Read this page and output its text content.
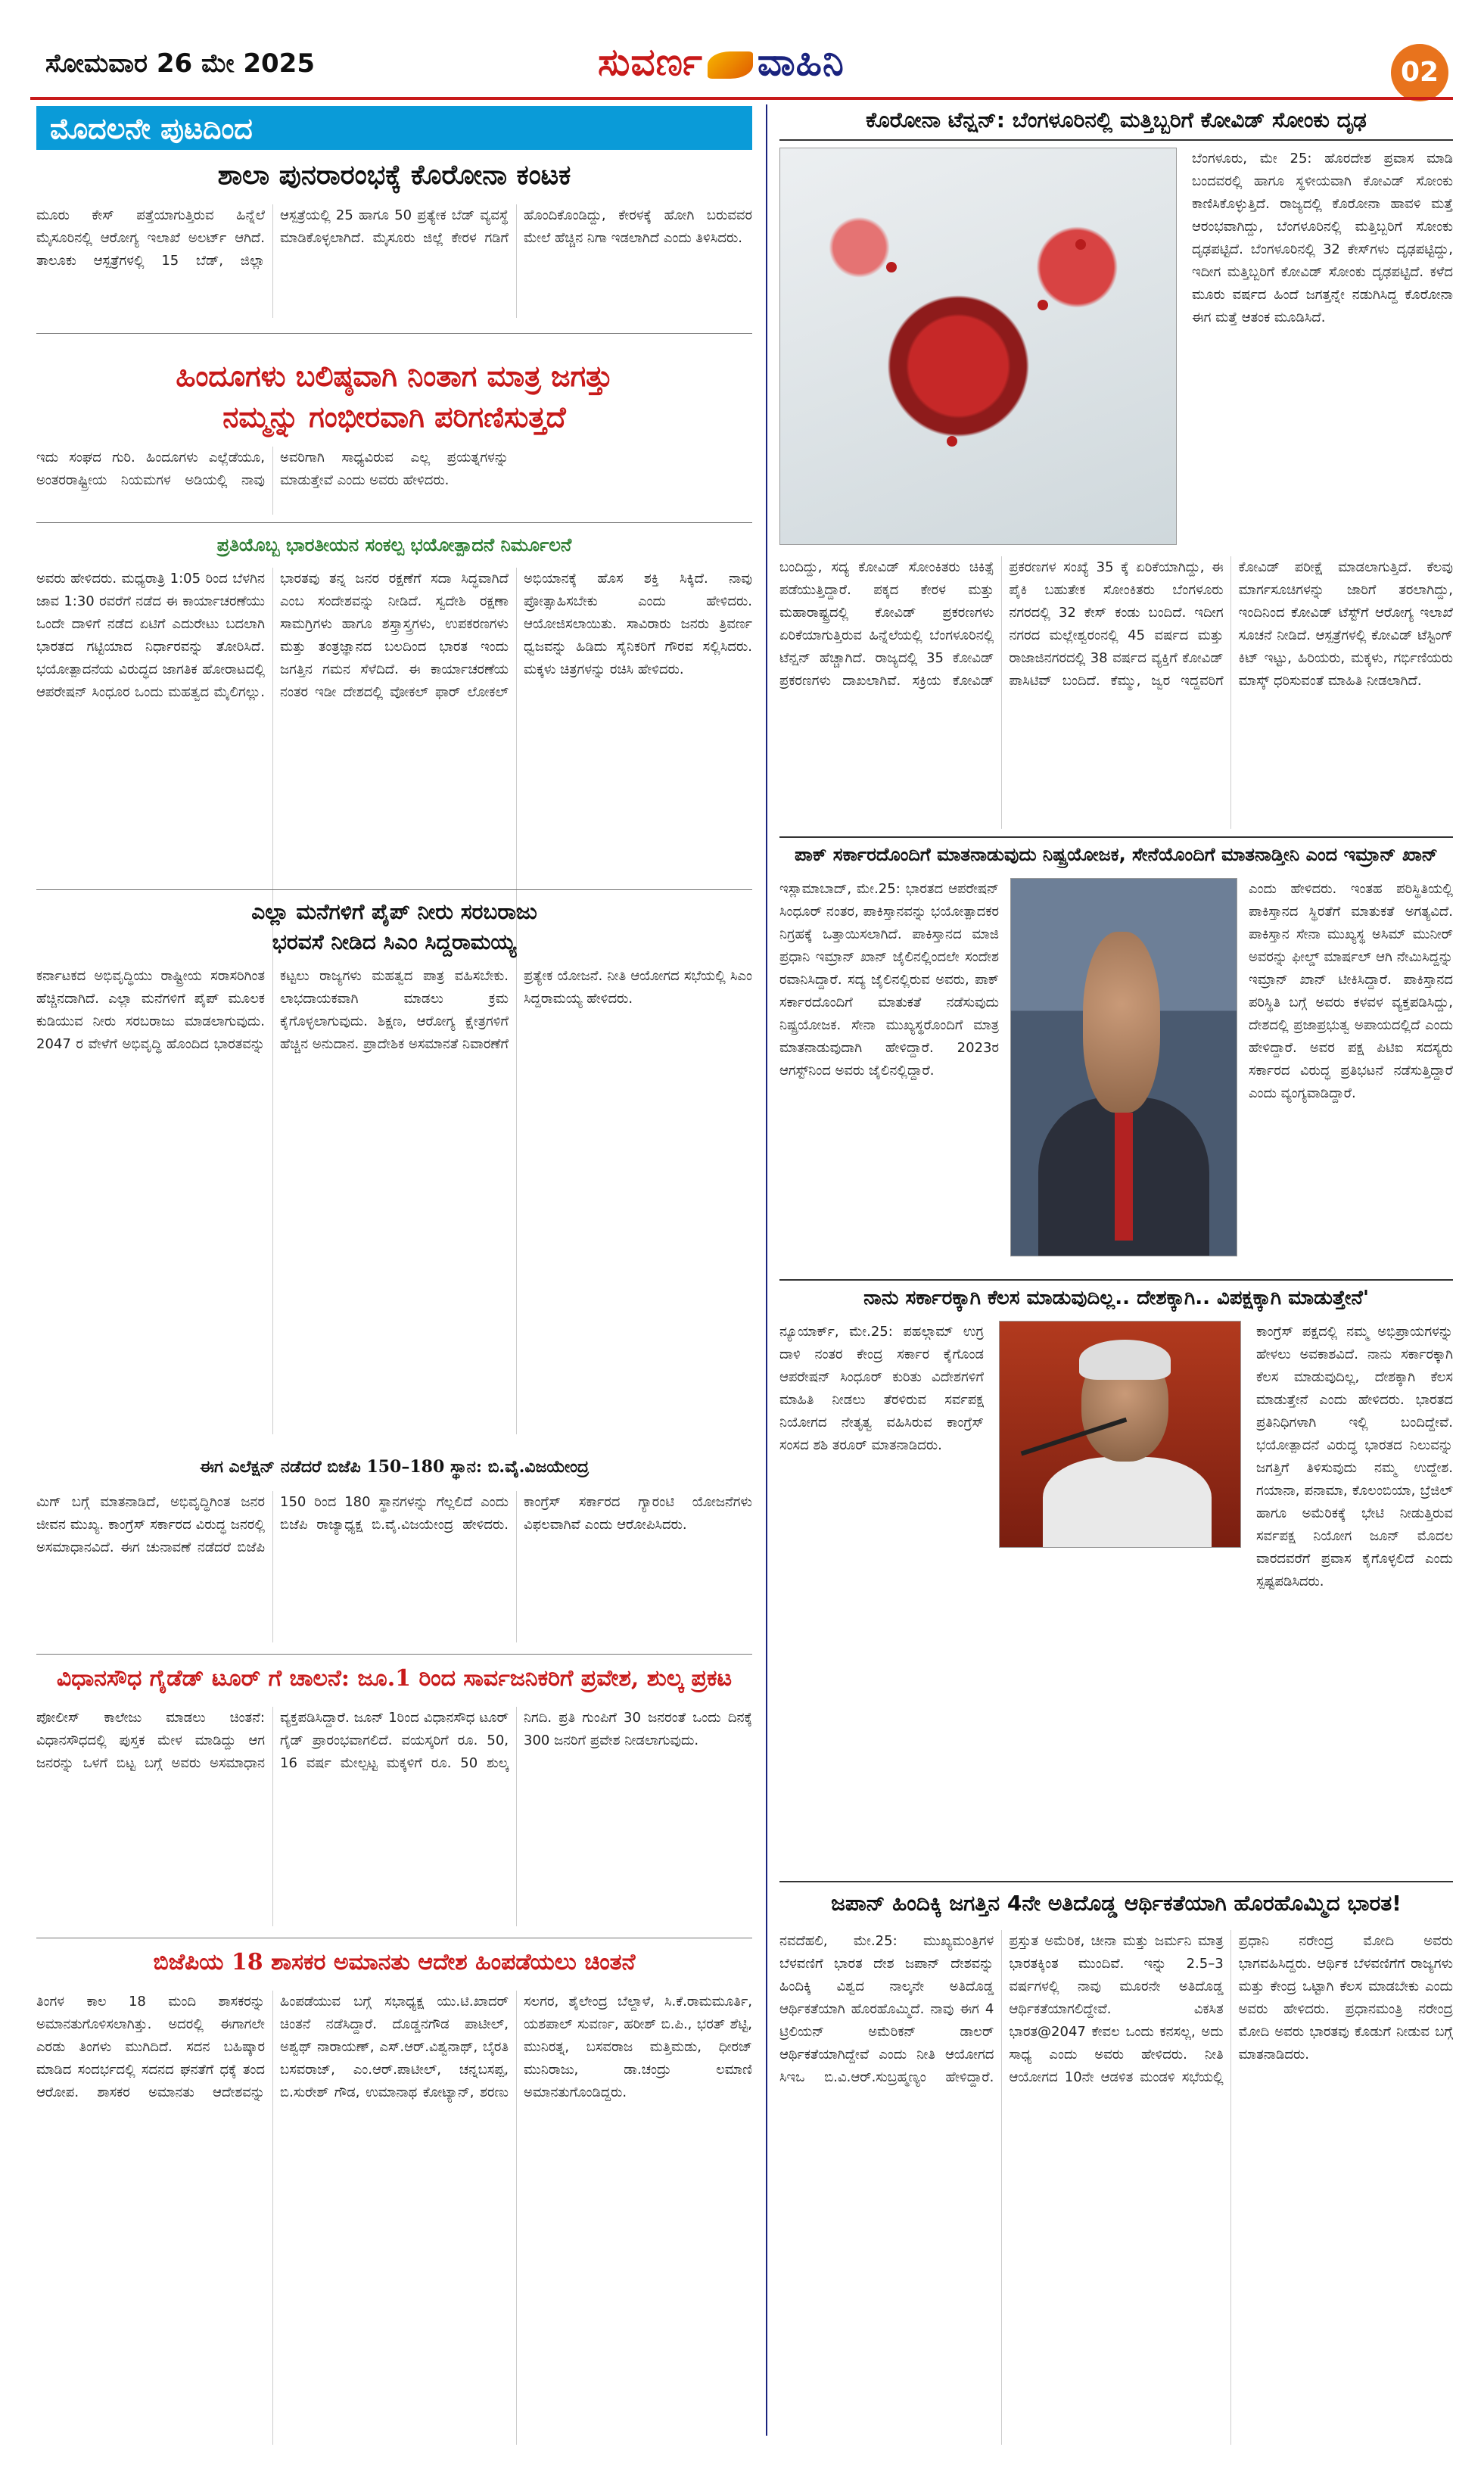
ಸೋಮವಾರ 26 ಮೇ 2025	ಸುವರ್ಣ ವಾಹಿನಿ	02
ಮೊದಲನೇ ಪುಟದಿಂದ
ಶಾಲಾ ಪುನರಾರಂಭಕ್ಕೆ ಕೊರೋನಾ ಕಂಟಕ
ಮೂರು ಕೇಸ್ ಪತ್ತೆಯಾಗುತ್ತಿರುವ ಹಿನ್ನೆಲೆ ಮೈಸೂರಿನಲ್ಲಿ ಆರೋಗ್ಯ ಇಲಾಖೆ ಅಲರ್ಟ್ ಆಗಿದೆ. ತಾಲೂಕು ಆಸ್ಪತ್ರೆಗಳಲ್ಲಿ 15 ಬೆಡ್, ಜಿಲ್ಲಾ ಆಸ್ಪತ್ರೆಯಲ್ಲಿ 25 ಹಾಗೂ 50 ಪ್ರತ್ಯೇಕ ಬೆಡ್ ವ್ಯವಸ್ಥೆ ಮಾಡಿಕೊಳ್ಳಲಾಗಿದೆ. ಮೈಸೂರು ಜಿಲ್ಲೆ ಕೇರಳ ಗಡಿಗೆ ಹೊಂದಿಕೊಂಡಿದ್ದು, ಕೇರಳಕ್ಕೆ ಹೋಗಿ ಬರುವವರ ಮೇಲೆ ಹೆಚ್ಚಿನ ನಿಗಾ ಇಡಲಾಗಿದೆ ಎಂದು ತಿಳಿಸಿದರು.
ಹಿಂದೂಗಳು ಬಲಿಷ್ಠವಾಗಿ ನಿಂತಾಗ ಮಾತ್ರ ಜಗತ್ತು
ನಮ್ಮನ್ನು ಗಂಭೀರವಾಗಿ ಪರಿಗಣಿಸುತ್ತದೆ
ಇದು ಸಂಘದ ಗುರಿ. ಹಿಂದೂಗಳು ಎಲ್ಲೆಡೆಯೂ, ಅಂತರರಾಷ್ಟ್ರೀಯ ನಿಯಮಗಳ ಅಡಿಯಲ್ಲಿ ನಾವು ಅವರಿಗಾಗಿ ಸಾಧ್ಯವಿರುವ ಎಲ್ಲ ಪ್ರಯತ್ನಗಳನ್ನು ಮಾಡುತ್ತೇವೆ ಎಂದು ಅವರು ಹೇಳಿದರು.
ಪ್ರತಿಯೊಬ್ಬ ಭಾರತೀಯನ ಸಂಕಲ್ಪ ಭಯೋತ್ಪಾದನೆ ನಿರ್ಮೂಲನೆ
ಅವರು ಹೇಳಿದರು. ಮಧ್ಯರಾತ್ರಿ 1:05 ರಿಂದ ಬೆಳಗಿನ ಜಾವ 1:30 ರವರೆಗೆ ನಡೆದ ಈ ಕಾರ್ಯಾಚರಣೆಯು ಒಂದೇ ದಾಳಿಗೆ ನಡೆದ ಏಟಿಗೆ ಎದುರೇಟು ಬದಲಾಗಿ ಭಾರತದ ಗಟ್ಟಿಯಾದ ನಿರ್ಧಾರವನ್ನು ತೋರಿಸಿದೆ. ಭಯೋತ್ಪಾದನೆಯ ವಿರುದ್ಧದ ಜಾಗತಿಕ ಹೋರಾಟದಲ್ಲಿ ಆಪರೇಷನ್ ಸಿಂಧೂರ ಒಂದು ಮಹತ್ವದ ಮೈಲಿಗಲ್ಲು. ಭಾರತವು ತನ್ನ ಜನರ ರಕ್ಷಣೆಗೆ ಸದಾ ಸಿದ್ಧವಾಗಿದೆ ಎಂಬ ಸಂದೇಶವನ್ನು ನೀಡಿದೆ. ಸ್ವದೇಶಿ ರಕ್ಷಣಾ ಸಾಮಗ್ರಿಗಳು ಹಾಗೂ ಶಸ್ತ್ರಾಸ್ತ್ರಗಳು, ಉಪಕರಣಗಳು ಮತ್ತು ತಂತ್ರಜ್ಞಾನದ ಬಲದಿಂದ ಭಾರತ ಇಂದು ಜಗತ್ತಿನ ಗಮನ ಸೆಳೆದಿದೆ. ಈ ಕಾರ್ಯಾಚರಣೆಯ ನಂತರ ಇಡೀ ದೇಶದಲ್ಲಿ ವೋಕಲ್ ಫಾರ್ ಲೋಕಲ್ ಅಭಿಯಾನಕ್ಕೆ ಹೊಸ ಶಕ್ತಿ ಸಿಕ್ಕಿದೆ. ನಾವು ಪ್ರೋತ್ಸಾಹಿಸಬೇಕು ಎಂದು ಹೇಳಿದರು. ಆಯೋಜಿಸಲಾಯಿತು. ಸಾವಿರಾರು ಜನರು ತ್ರಿವರ್ಣ ಧ್ವಜವನ್ನು ಹಿಡಿದು ಸೈನಿಕರಿಗೆ ಗೌರವ ಸಲ್ಲಿಸಿದರು. ಮಕ್ಕಳು ಚಿತ್ರಗಳನ್ನು ರಚಿಸಿ ಹೇಳಿದರು.
ಎಲ್ಲಾ ಮನೆಗಳಿಗೆ ಪೈಪ್ ನೀರು ಸರಬರಾಜು
ಭರವಸೆ ನೀಡಿದ ಸಿಎಂ ಸಿದ್ದರಾಮಯ್ಯ
ಕರ್ನಾಟಕದ ಅಭಿವೃದ್ಧಿಯು ರಾಷ್ಟ್ರೀಯ ಸರಾಸರಿಗಿಂತ ಹೆಚ್ಚಿನದಾಗಿದೆ. ಎಲ್ಲಾ ಮನೆಗಳಿಗೆ ಪೈಪ್ ಮೂಲಕ ಕುಡಿಯುವ ನೀರು ಸರಬರಾಜು ಮಾಡಲಾಗುವುದು. 2047 ರ ವೇಳೆಗೆ ಅಭಿವೃದ್ಧಿ ಹೊಂದಿದ ಭಾರತವನ್ನು ಕಟ್ಟಲು ರಾಜ್ಯಗಳು ಮಹತ್ವದ ಪಾತ್ರ ವಹಿಸಬೇಕು. ಲಾಭದಾಯಕವಾಗಿ ಮಾಡಲು ಕ್ರಮ ಕೈಗೊಳ್ಳಲಾಗುವುದು. ಶಿಕ್ಷಣ, ಆರೋಗ್ಯ ಕ್ಷೇತ್ರಗಳಿಗೆ ಹೆಚ್ಚಿನ ಅನುದಾನ. ಪ್ರಾದೇಶಿಕ ಅಸಮಾನತೆ ನಿವಾರಣೆಗೆ ಪ್ರತ್ಯೇಕ ಯೋಜನೆ. ನೀತಿ ಆಯೋಗದ ಸಭೆಯಲ್ಲಿ ಸಿಎಂ ಸಿದ್ದರಾಮಯ್ಯ ಹೇಳಿದರು.
ಈಗ ಎಲೆಕ್ಷನ್ ನಡೆದರೆ ಬಿಜೆಪಿ 150–180 ಸ್ಥಾನ: ಬಿ.ವೈ.ವಿಜಯೇಂದ್ರ
ಮಿಗ್ ಬಗ್ಗೆ ಮಾತನಾಡಿದೆ, ಅಭಿವೃದ್ಧಿಗಿಂತ ಜನರ ಜೀವನ ಮುಖ್ಯ. ಕಾಂಗ್ರೆಸ್ ಸರ್ಕಾರದ ವಿರುದ್ಧ ಜನರಲ್ಲಿ ಅಸಮಾಧಾನವಿದೆ. ಈಗ ಚುನಾವಣೆ ನಡೆದರೆ ಬಿಜೆಪಿ 150 ರಿಂದ 180 ಸ್ಥಾನಗಳನ್ನು ಗೆಲ್ಲಲಿದೆ ಎಂದು ಬಿಜೆಪಿ ರಾಜ್ಯಾಧ್ಯಕ್ಷ ಬಿ.ವೈ.ವಿಜಯೇಂದ್ರ ಹೇಳಿದರು. ಕಾಂಗ್ರೆಸ್ ಸರ್ಕಾರದ ಗ್ಯಾರಂಟಿ ಯೋಜನೆಗಳು ವಿಫಲವಾಗಿವೆ ಎಂದು ಆರೋಪಿಸಿದರು.
ವಿಧಾನಸೌಧ ಗೈಡೆಡ್ ಟೂರ್ ಗೆ ಚಾಲನೆ: ಜೂ.1 ರಿಂದ ಸಾರ್ವಜನಿಕರಿಗೆ ಪ್ರವೇಶ, ಶುಲ್ಕ ಪ್ರಕಟ
ಪೋಲೀಸ್ ಕಾಲೇಜು ಮಾಡಲು ಚಿಂತನೆ: ವಿಧಾನಸೌಧದಲ್ಲಿ ಪುಸ್ತಕ ಮೇಳ ಮಾಡಿದ್ದು ಆಗ ಜನರನ್ನು ಒಳಗೆ ಬಿಟ್ಟ ಬಗ್ಗೆ ಅವರು ಅಸಮಾಧಾನ ವ್ಯಕ್ತಪಡಿಸಿದ್ದಾರೆ. ಜೂನ್ 1ರಿಂದ ವಿಧಾನಸೌಧ ಟೂರ್ ಗೈಡ್ ಪ್ರಾರಂಭವಾಗಲಿದೆ. ವಯಸ್ಕರಿಗೆ ರೂ. 50, 16 ವರ್ಷ ಮೇಲ್ಪಟ್ಟ ಮಕ್ಕಳಿಗೆ ರೂ. 50 ಶುಲ್ಕ ನಿಗದಿ. ಪ್ರತಿ ಗುಂಪಿಗೆ 30 ಜನರಂತೆ ಒಂದು ದಿನಕ್ಕೆ 300 ಜನರಿಗೆ ಪ್ರವೇಶ ನೀಡಲಾಗುವುದು.
ಬಿಜೆಪಿಯ 18 ಶಾಸಕರ ಅಮಾನತು ಆದೇಶ ಹಿಂಪಡೆಯಲು ಚಿಂತನೆ
ತಿಂಗಳ ಕಾಲ 18 ಮಂದಿ ಶಾಸಕರನ್ನು ಅಮಾನತುಗೊಳಿಸಲಾಗಿತ್ತು. ಅದರಲ್ಲಿ ಈಗಾಗಲೇ ಎರಡು ತಿಂಗಳು ಮುಗಿದಿದೆ. ಸದನ ಬಹಿಷ್ಕಾರ ಮಾಡಿದ ಸಂದರ್ಭದಲ್ಲಿ ಸದನದ ಘನತೆಗೆ ಧಕ್ಕೆ ತಂದ ಆರೋಪ. ಶಾಸಕರ ಅಮಾನತು ಆದೇಶವನ್ನು ಹಿಂಪಡೆಯುವ ಬಗ್ಗೆ ಸಭಾಧ್ಯಕ್ಷ ಯು.ಟಿ.ಖಾದರ್ ಚಿಂತನೆ ನಡೆಸಿದ್ದಾರೆ. ದೊಡ್ಡನಗೌಡ ಪಾಟೀಲ್, ಅಶ್ವಥ್ ನಾರಾಯಣ್, ಎಸ್.ಆರ್.ವಿಶ್ವನಾಥ್, ಬೈರತಿ ಬಸವರಾಜ್, ಎಂ.ಆರ್.ಪಾಟೀಲ್, ಚನ್ನಬಸಪ್ಪ, ಬಿ.ಸುರೇಶ್ ಗೌಡ, ಉಮಾನಾಥ ಕೋಟ್ಯಾನ್, ಶರಣು ಸಲಗರ, ಶೈಲೇಂದ್ರ ಬೆಲ್ದಾಳೆ, ಸಿ.ಕೆ.ರಾಮಮೂರ್ತಿ, ಯಶಪಾಲ್ ಸುವರ್ಣ, ಹರೀಶ್ ಬಿ.ಪಿ., ಭರತ್ ಶೆಟ್ಟಿ, ಮುನಿರತ್ನ, ಬಸವರಾಜ ಮತ್ತಿಮಡು, ಧೀರಜ್ ಮುನಿರಾಜು, ಡಾ.ಚಂದ್ರು ಲಮಾಣಿ ಅಮಾನತುಗೊಂಡಿದ್ದರು.
ಕೊರೋನಾ ಟೆನ್ಷನ್: ಬೆಂಗಳೂರಿನಲ್ಲಿ ಮತ್ತಿಬ್ಬರಿಗೆ ಕೋವಿಡ್ ಸೋಂಕು ದೃಢ
ಬೆಂಗಳೂರು, ಮೇ 25: ಹೊರದೇಶ ಪ್ರವಾಸ ಮಾಡಿ ಬಂದವರಲ್ಲಿ ಹಾಗೂ ಸ್ಥಳೀಯವಾಗಿ ಕೋವಿಡ್ ಸೋಂಕು ಕಾಣಿಸಿಕೊಳ್ಳುತ್ತಿದೆ. ರಾಜ್ಯದಲ್ಲಿ ಕೊರೋನಾ ಹಾವಳಿ ಮತ್ತೆ ಆರಂಭವಾಗಿದ್ದು, ಬೆಂಗಳೂರಿನಲ್ಲಿ ಮತ್ತಿಬ್ಬರಿಗೆ ಸೋಂಕು ದೃಢಪಟ್ಟಿದೆ. ಬೆಂಗಳೂರಿನಲ್ಲಿ 32 ಕೇಸ್‌ಗಳು ದೃಢಪಟ್ಟಿದ್ದು, ಇದೀಗ ಮತ್ತಿಬ್ಬರಿಗೆ ಕೋವಿಡ್ ಸೋಂಕು ದೃಢಪಟ್ಟಿದೆ. ಕಳೆದ ಮೂರು ವರ್ಷದ ಹಿಂದೆ ಜಗತ್ತನ್ನೇ ನಡುಗಿಸಿದ್ದ ಕೊರೋನಾ ಈಗ ಮತ್ತೆ ಆತಂಕ ಮೂಡಿಸಿದೆ.
ಬಂದಿದ್ದು, ಸದ್ಯ ಕೋವಿಡ್ ಸೋಂಕಿತರು ಚಿಕಿತ್ಸೆ ಪಡೆಯುತ್ತಿದ್ದಾರೆ. ಪಕ್ಕದ ಕೇರಳ ಮತ್ತು ಮಹಾರಾಷ್ಟ್ರದಲ್ಲಿ ಕೋವಿಡ್ ಪ್ರಕರಣಗಳು ಏರಿಕೆಯಾಗುತ್ತಿರುವ ಹಿನ್ನೆಲೆಯಲ್ಲಿ ಬೆಂಗಳೂರಿನಲ್ಲಿ ಟೆನ್ಷನ್ ಹೆಚ್ಚಾಗಿದೆ. ರಾಜ್ಯದಲ್ಲಿ 35 ಕೋವಿಡ್ ಪ್ರಕರಣಗಳು ದಾಖಲಾಗಿವೆ. ಸಕ್ರಿಯ ಕೋವಿಡ್ ಪ್ರಕರಣಗಳ ಸಂಖ್ಯೆ 35 ಕ್ಕೆ ಏರಿಕೆಯಾಗಿದ್ದು, ಈ ಪೈಕಿ ಬಹುತೇಕ ಸೋಂಕಿತರು ಬೆಂಗಳೂರು ನಗರದಲ್ಲಿ 32 ಕೇಸ್ ಕಂಡು ಬಂದಿದೆ. ಇದೀಗ ನಗರದ ಮಲ್ಲೇಶ್ವರಂನಲ್ಲಿ 45 ವರ್ಷದ ಮತ್ತು ರಾಜಾಜಿನಗರದಲ್ಲಿ 38 ವರ್ಷದ ವ್ಯಕ್ತಿಗೆ ಕೋವಿಡ್ ಪಾಸಿಟಿವ್ ಬಂದಿದೆ. ಕೆಮ್ಮು, ಜ್ವರ ಇದ್ದವರಿಗೆ ಕೋವಿಡ್ ಪರೀಕ್ಷೆ ಮಾಡಲಾಗುತ್ತಿದೆ. ಕೆಲವು ಮಾರ್ಗಸೂಚಿಗಳನ್ನು ಜಾರಿಗೆ ತರಲಾಗಿದ್ದು, ಇಂದಿನಿಂದ ಕೋವಿಡ್ ಟೆಸ್ಟ್‌ಗೆ ಆರೋಗ್ಯ ಇಲಾಖೆ ಸೂಚನೆ ನೀಡಿದೆ. ಆಸ್ಪತ್ರೆಗಳಲ್ಲಿ ಕೋವಿಡ್ ಟೆಸ್ಟಿಂಗ್ ಕಿಟ್ ಇಟ್ಟು, ಹಿರಿಯರು, ಮಕ್ಕಳು, ಗರ್ಭಿಣಿಯರು ಮಾಸ್ಕ್ ಧರಿಸುವಂತೆ ಮಾಹಿತಿ ನೀಡಲಾಗಿದೆ.
ಪಾಕ್ ಸರ್ಕಾರದೊಂದಿಗೆ ಮಾತನಾಡುವುದು ನಿಷ್ಪ್ರಯೋಜಕ, ಸೇನೆಯೊಂದಿಗೆ ಮಾತನಾಡ್ತೀನಿ ಎಂದ ಇಮ್ರಾನ್ ಖಾನ್
ಇಸ್ಲಾಮಾಬಾದ್, ಮೇ.25: ಭಾರತದ ಆಪರೇಷನ್ ಸಿಂಧೂರ್ ನಂತರ, ಪಾಕಿಸ್ತಾನವನ್ನು ಭಯೋತ್ಪಾದಕರ ನಿಗ್ರಹಕ್ಕೆ ಒತ್ತಾಯಿಸಲಾಗಿದೆ. ಪಾಕಿಸ್ತಾನದ ಮಾಜಿ ಪ್ರಧಾನಿ ಇಮ್ರಾನ್ ಖಾನ್ ಜೈಲಿನಲ್ಲಿಂದಲೇ ಸಂದೇಶ ರವಾನಿಸಿದ್ದಾರೆ. ಸದ್ಯ ಜೈಲಿನಲ್ಲಿರುವ ಅವರು, ಪಾಕ್ ಸರ್ಕಾರದೊಂದಿಗೆ ಮಾತುಕತೆ ನಡೆಸುವುದು ನಿಷ್ಪ್ರಯೋಜಕ. ಸೇನಾ ಮುಖ್ಯಸ್ಥರೊಂದಿಗೆ ಮಾತ್ರ ಮಾತನಾಡುವುದಾಗಿ ಹೇಳಿದ್ದಾರೆ. 2023ರ ಆಗಸ್ಟ್‌ನಿಂದ ಅವರು ಜೈಲಿನಲ್ಲಿದ್ದಾರೆ.
ಎಂದು ಹೇಳಿದರು. ಇಂತಹ ಪರಿಸ್ಥಿತಿಯಲ್ಲಿ ಪಾಕಿಸ್ತಾನದ ಸ್ಥಿರತೆಗೆ ಮಾತುಕತೆ ಅಗತ್ಯವಿದೆ. ಪಾಕಿಸ್ತಾನ ಸೇನಾ ಮುಖ್ಯಸ್ಥ ಅಸಿಮ್ ಮುನೀರ್ ಅವರನ್ನು ಫೀಲ್ಡ್ ಮಾರ್ಷಲ್ ಆಗಿ ನೇಮಿಸಿದ್ದನ್ನು ಇಮ್ರಾನ್ ಖಾನ್ ಟೀಕಿಸಿದ್ದಾರೆ. ಪಾಕಿಸ್ತಾನದ ಪರಿಸ್ಥಿತಿ ಬಗ್ಗೆ ಅವರು ಕಳವಳ ವ್ಯಕ್ತಪಡಿಸಿದ್ದು, ದೇಶದಲ್ಲಿ ಪ್ರಜಾಪ್ರಭುತ್ವ ಅಪಾಯದಲ್ಲಿದೆ ಎಂದು ಹೇಳಿದ್ದಾರೆ. ಅವರ ಪಕ್ಷ ಪಿಟಿಐ ಸದಸ್ಯರು ಸರ್ಕಾರದ ವಿರುದ್ಧ ಪ್ರತಿಭಟನೆ ನಡೆಸುತ್ತಿದ್ದಾರೆ ಎಂದು ವ್ಯಂಗ್ಯವಾಡಿದ್ದಾರೆ.
ನಾನು ಸರ್ಕಾರಕ್ಕಾಗಿ ಕೆಲಸ ಮಾಡುವುದಿಲ್ಲ.. ದೇಶಕ್ಕಾಗಿ.. ವಿಪಕ್ಷಕ್ಕಾಗಿ ಮಾಡುತ್ತೇನೆ'
ನ್ಯೂಯಾರ್ಕ್, ಮೇ.25: ಪಹಲ್ಗಾಮ್ ಉಗ್ರ ದಾಳಿ ನಂತರ ಕೇಂದ್ರ ಸರ್ಕಾರ ಕೈಗೊಂಡ ಆಪರೇಷನ್ ಸಿಂಧೂರ್ ಕುರಿತು ವಿದೇಶಗಳಿಗೆ ಮಾಹಿತಿ ನೀಡಲು ತೆರಳಿರುವ ಸರ್ವಪಕ್ಷ ನಿಯೋಗದ ನೇತೃತ್ವ ವಹಿಸಿರುವ ಕಾಂಗ್ರೆಸ್ ಸಂಸದ ಶಶಿ ತರೂರ್ ಮಾತನಾಡಿದರು.
ಕಾಂಗ್ರೆಸ್ ಪಕ್ಷದಲ್ಲಿ ನಮ್ಮ ಅಭಿಪ್ರಾಯಗಳನ್ನು ಹೇಳಲು ಅವಕಾಶವಿದೆ. ನಾನು ಸರ್ಕಾರಕ್ಕಾಗಿ ಕೆಲಸ ಮಾಡುವುದಿಲ್ಲ, ದೇಶಕ್ಕಾಗಿ ಕೆಲಸ ಮಾಡುತ್ತೇನೆ ಎಂದು ಹೇಳಿದರು. ಭಾರತದ ಪ್ರತಿನಿಧಿಗಳಾಗಿ ಇಲ್ಲಿ ಬಂದಿದ್ದೇವೆ. ಭಯೋತ್ಪಾದನೆ ವಿರುದ್ಧ ಭಾರತದ ನಿಲುವನ್ನು ಜಗತ್ತಿಗೆ ತಿಳಿಸುವುದು ನಮ್ಮ ಉದ್ದೇಶ. ಗಯಾನಾ, ಪನಾಮಾ, ಕೊಲಂಬಿಯಾ, ಬ್ರೆಜಿಲ್ ಹಾಗೂ ಅಮೆರಿಕಕ್ಕೆ ಭೇಟಿ ನೀಡುತ್ತಿರುವ ಸರ್ವಪಕ್ಷ ನಿಯೋಗ ಜೂನ್ ಮೊದಲ ವಾರದವರೆಗೆ ಪ್ರವಾಸ ಕೈಗೊಳ್ಳಲಿದೆ ಎಂದು ಸ್ಪಷ್ಟಪಡಿಸಿದರು.
ಜಪಾನ್ ಹಿಂದಿಕ್ಕಿ ಜಗತ್ತಿನ 4ನೇ ಅತಿದೊಡ್ಡ ಆರ್ಥಿಕತೆಯಾಗಿ ಹೊರಹೊಮ್ಮಿದ ಭಾರತ!
ನವದೆಹಲಿ, ಮೇ.25: ಮುಖ್ಯಮಂತ್ರಿಗಳ ಬೆಳವಣಿಗೆ ಭಾರತ ದೇಶ ಜಪಾನ್ ದೇಶವನ್ನು ಹಿಂದಿಕ್ಕಿ ವಿಶ್ವದ ನಾಲ್ಕನೇ ಅತಿದೊಡ್ಡ ಆರ್ಥಿಕತೆಯಾಗಿ ಹೊರಹೊಮ್ಮಿದೆ. ನಾವು ಈಗ 4 ಟ್ರಿಲಿಯನ್ ಅಮೆರಿಕನ್ ಡಾಲರ್ ಆರ್ಥಿಕತೆಯಾಗಿದ್ದೇವೆ ಎಂದು ನೀತಿ ಆಯೋಗದ ಸಿಇಒ ಬಿ.ವಿ.ಆರ್.ಸುಬ್ರಹ್ಮಣ್ಯಂ ಹೇಳಿದ್ದಾರೆ. ಪ್ರಸ್ತುತ ಅಮೆರಿಕ, ಚೀನಾ ಮತ್ತು ಜರ್ಮನಿ ಮಾತ್ರ ಭಾರತಕ್ಕಿಂತ ಮುಂದಿವೆ. ಇನ್ನು 2.5–3 ವರ್ಷಗಳಲ್ಲಿ ನಾವು ಮೂರನೇ ಅತಿದೊಡ್ಡ ಆರ್ಥಿಕತೆಯಾಗಲಿದ್ದೇವೆ. ವಿಕಸಿತ ಭಾರತ@2047 ಕೇವಲ ಒಂದು ಕನಸಲ್ಲ, ಅದು ಸಾಧ್ಯ ಎಂದು ಅವರು ಹೇಳಿದರು. ನೀತಿ ಆಯೋಗದ 10ನೇ ಆಡಳಿತ ಮಂಡಳಿ ಸಭೆಯಲ್ಲಿ ಪ್ರಧಾನಿ ನರೇಂದ್ರ ಮೋದಿ ಅವರು ಭಾಗವಹಿಸಿದ್ದರು. ಆರ್ಥಿಕ ಬೆಳವಣಿಗೆಗೆ ರಾಜ್ಯಗಳು ಮತ್ತು ಕೇಂದ್ರ ಒಟ್ಟಾಗಿ ಕೆಲಸ ಮಾಡಬೇಕು ಎಂದು ಅವರು ಹೇಳಿದರು. ಪ್ರಧಾನಮಂತ್ರಿ ನರೇಂದ್ರ ಮೋದಿ ಅವರು ಭಾರತವು ಕೊಡುಗೆ ನೀಡುವ ಬಗ್ಗೆ ಮಾತನಾಡಿದರು.
